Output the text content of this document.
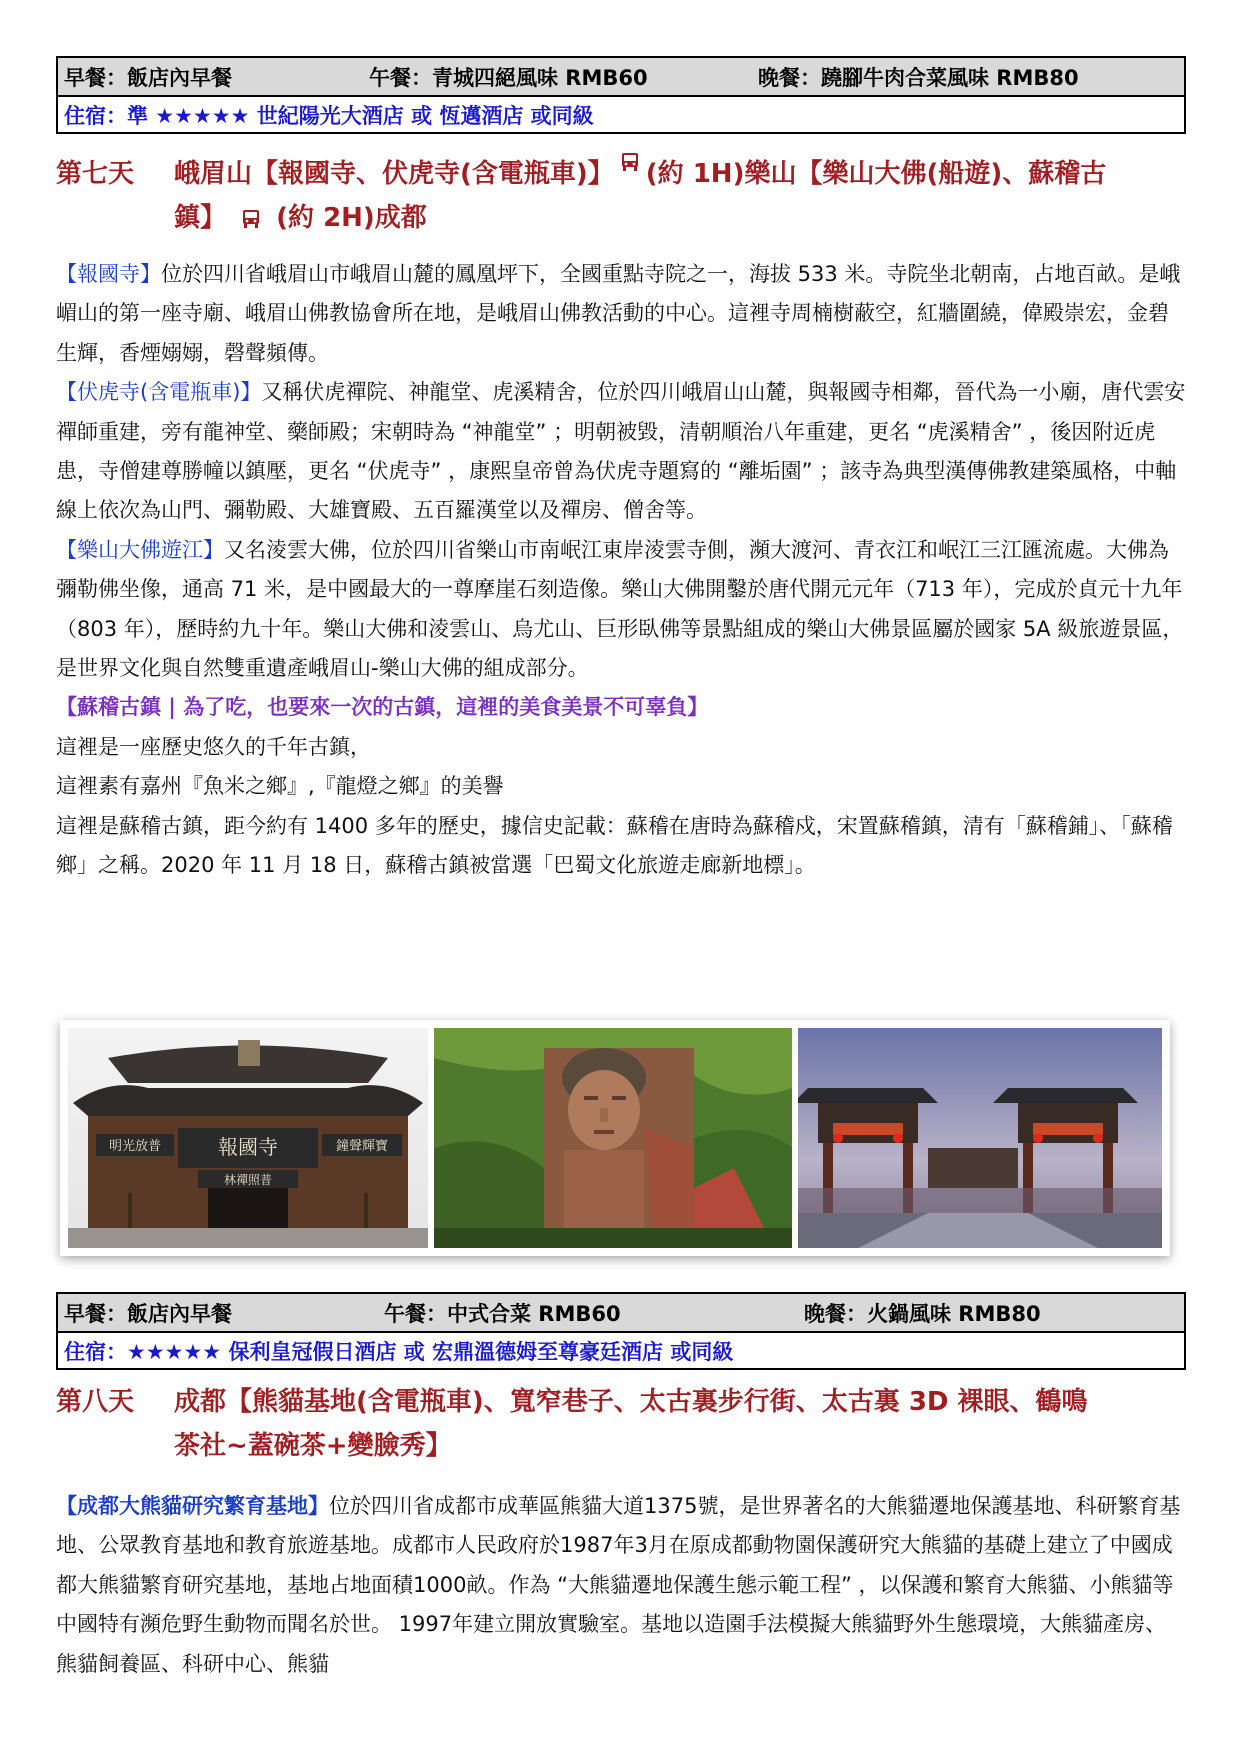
早餐：飯店內早餐	午餐：青城四絕風味 RMB60	晚餐：蹺腳牛肉合菜風味 RMB80
住宿：準 ★★★★★ 世紀陽光大酒店 或 恆邁酒店 或同級
第七天	峨眉山【報國寺、伏虎寺(含電瓶車)】 (約 1H)樂山【樂山大佛(船遊)、蘇稽古
鎮】 (約 2H)成都

【報國寺】位於四川省峨眉山市峨眉山麓的鳳凰坪下，全國重點寺院之一，海拔 533 米。寺院坐北朝南，占地百畝。是峨嵋山的第一座寺廟、峨眉山佛教協會所在地，是峨眉山佛教活動的中心。這裡寺周楠樹蔽空，紅牆圍繞，偉殿崇宏，金碧生輝，香煙嫋嫋，磬聲頻傳。

【伏虎寺(含電瓶車)】又稱伏虎禪院、神龍堂、虎溪精舍，位於四川峨眉山山麓，與報國寺相鄰，晉代為一小廟，唐代雲安禪師重建，旁有龍神堂、藥師殿；宋朝時為 “神龍堂” ；明朝被毀，清朝順治八年重建，更名 “虎溪精舍” ，後因附近虎患，寺僧建尊勝幢以鎮壓，更名 “伏虎寺” ，康熙皇帝曾為伏虎寺題寫的 “離垢園” ；該寺為典型漢傳佛教建築風格，中軸線上依次為山門、彌勒殿、大雄寶殿、五百羅漢堂以及禪房、僧舍等。

【樂山大佛遊江】又名淩雲大佛，位於四川省樂山市南岷江東岸淩雲寺側，瀕大渡河、青衣江和岷江三江匯流處。大佛為彌勒佛坐像，通高 71 米，是中國最大的一尊摩崖石刻造像。樂山大佛開鑿於唐代開元元年（713 年），完成於貞元十九年（803 年），歷時約九十年。樂山大佛和淩雲山、烏尤山、巨形臥佛等景點組成的樂山大佛景區屬於國家 5A 級旅遊景區，是世界文化與自然雙重遺產峨眉山-樂山大佛的組成部分。

【蘇稽古鎮 | 為了吃，也要來一次的古鎮，這裡的美食美景不可辜負】

這裡是一座歷史悠久的千年古鎮，

這裡素有嘉州『魚米之鄉』,『龍燈之鄉』的美譽

這裡是蘇稽古鎮，距今約有 1400 多年的歷史，據信史記載：蘇稽在唐時為蘇稽戍，宋置蘇稽鎮，清有「蘇稽鋪」、「蘇稽鄉」之稱。2020 年 11 月 18 日，蘇稽古鎮被當選「巴蜀文化旅遊走廊新地標」。

報國寺
明光放普
林禪照普
鐘聲輝寶
早餐：飯店內早餐	午餐：中式合菜 RMB60	晚餐：火鍋風味 RMB80
住宿：★★★★★ 保利皇冠假日酒店 或 宏鼎溫德姆至尊豪廷酒店 或同級
第八天	成都【熊貓基地(含電瓶車)、寬窄巷子、太古裏步行街、太古裏 3D 裸眼、鶴鳴
茶社~蓋碗茶+變臉秀】

【成都大熊貓研究繁育基地】位於四川省成都市成華區熊貓大道1375號，是世界著名的大熊貓遷地保護基地、科研繁育基地、公眾教育基地和教育旅遊基地。成都市人民政府於1987年3月在原成都動物園保護研究大熊貓的基礎上建立了中國成都大熊貓繁育研究基地，基地占地面積1000畝。作為 “大熊貓遷地保護生態示範工程” ，以保護和繁育大熊貓、小熊貓等中國特有瀕危野生動物而聞名於世。 1997年建立開放實驗室。基地以造園手法模擬大熊貓野外生態環境，大熊貓產房、熊貓飼養區、科研中心、熊貓
